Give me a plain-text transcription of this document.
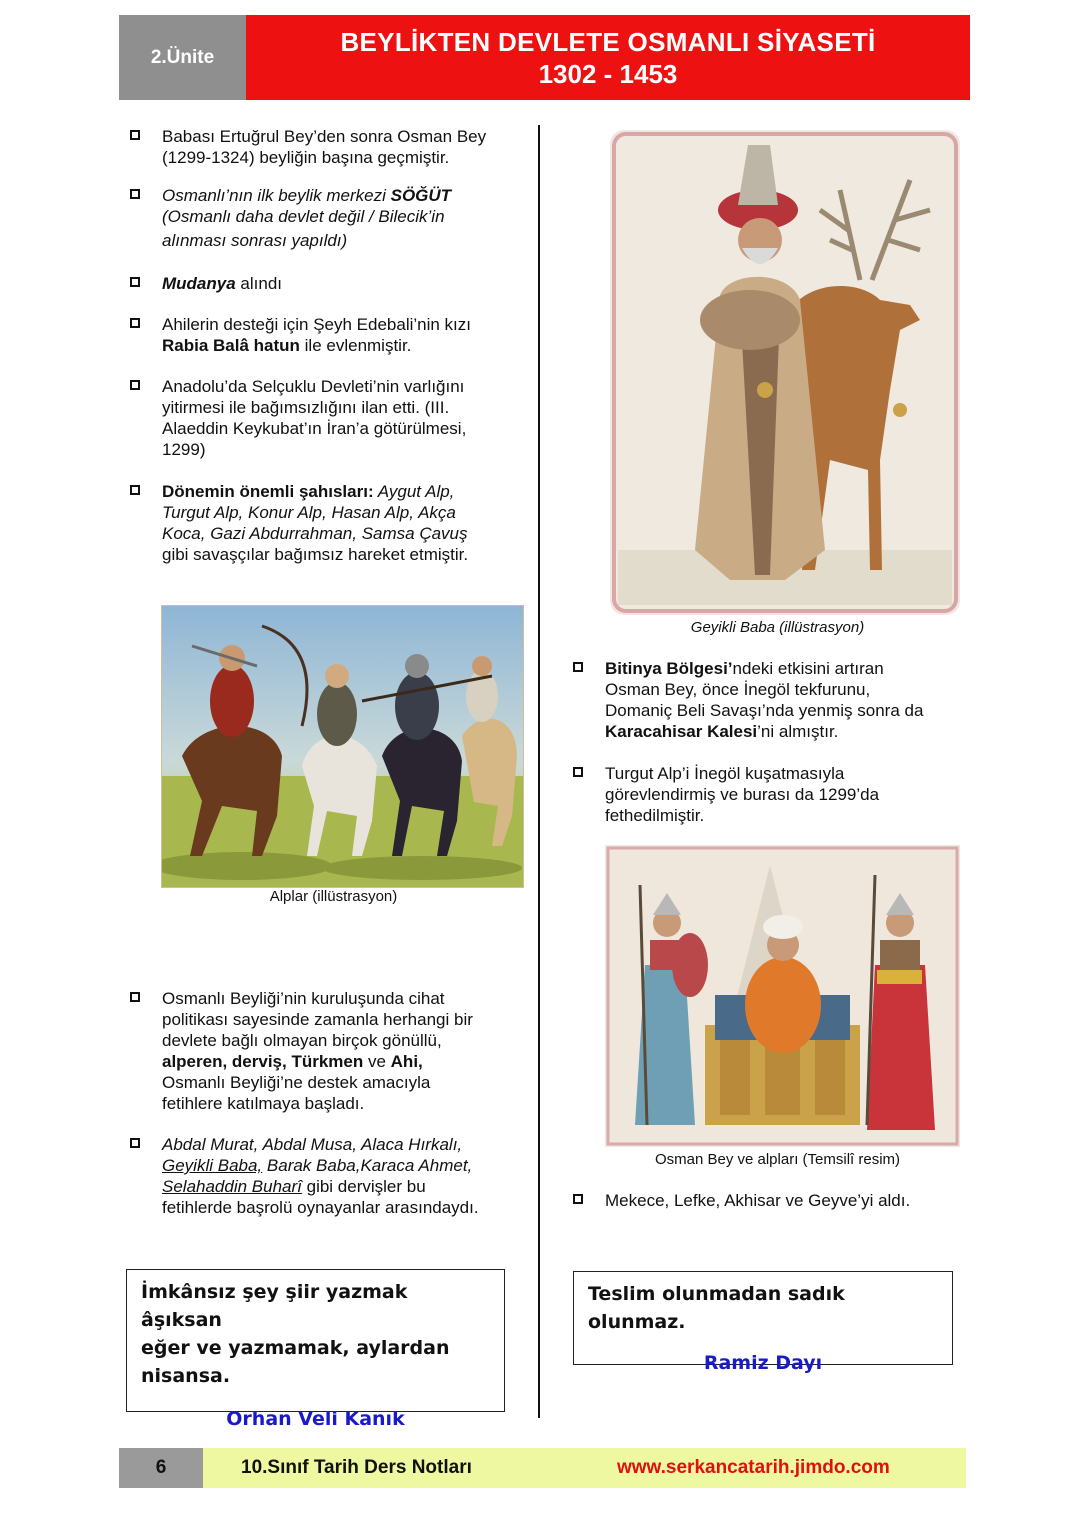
2.Ünite
BEYLİKTEN DEVLETE OSMANLI SİYASETİ
1302 - 1453
Babası Ertuğrul Bey’den sonra Osman Bey
(1299-1324) beyliğin başına geçmiştir.
Osmanlı’nın ilk beylik merkezi SÖĞÜT
(Osmanlı daha devlet değil / Bilecik’in
alınması sonrası yapıldı)
Mudanya alındı
Ahilerin desteği için Şeyh Edebali’nin kızı
Rabia Balâ hatun ile evlenmiştir.
Anadolu’da Selçuklu Devleti’nin varlığını
yitirmesi ile bağımsızlığını ilan etti. (III.
Alaeddin Keykubat’ın İran’a götürülmesi,
1299)
Dönemin önemli şahısları: Aygut Alp,
Turgut Alp, Konur Alp, Hasan Alp, Akça
Koca, Gazi Abdurrahman, Samsa Çavuş
gibi savaşçılar bağımsız hareket etmiştir.
Alplar (illüstrasyon)
Osmanlı Beyliği’nin kuruluşunda cihat
politikası sayesinde zamanla herhangi bir
devlete bağlı olmayan birçok gönüllü,
alperen, derviş, Türkmen ve Ahi,
Osmanlı Beyliği’ne destek amacıyla
fetihlere katılmaya başladı.
Abdal Murat, Abdal Musa, Alaca Hırkalı,
Geyikli Baba, Barak Baba,Karaca Ahmet,
Selahaddin Buharî gibi dervişler bu
fetihlerde başrolü oynayanlar arasındaydı.
İmkânsız şey şiir yazmak âşıksan
eğer ve yazmamak, aylardan
nisansa.
Orhan Veli Kanık
Geyikli Baba (illüstrasyon)
Bitinya Bölgesi’ndeki etkisini artıran
Osman Bey, önce İnegöl tekfurunu,
Domaniç Beli Savaşı’nda yenmiş sonra da
Karacahisar Kalesi’ni almıştır.
Turgut Alp’i İnegöl kuşatmasıyla
görevlendirmiş ve burası da 1299’da
fethedilmiştir.
Osman Bey ve alpları (Temsilî resim)
Mekece, Lefke, Akhisar ve Geyve’yi aldı.
Teslim olunmadan sadık olunmaz.
Ramiz Dayı
6	10.Sınıf Tarih Ders Notları	www.serkancatarih.jimdo.com
